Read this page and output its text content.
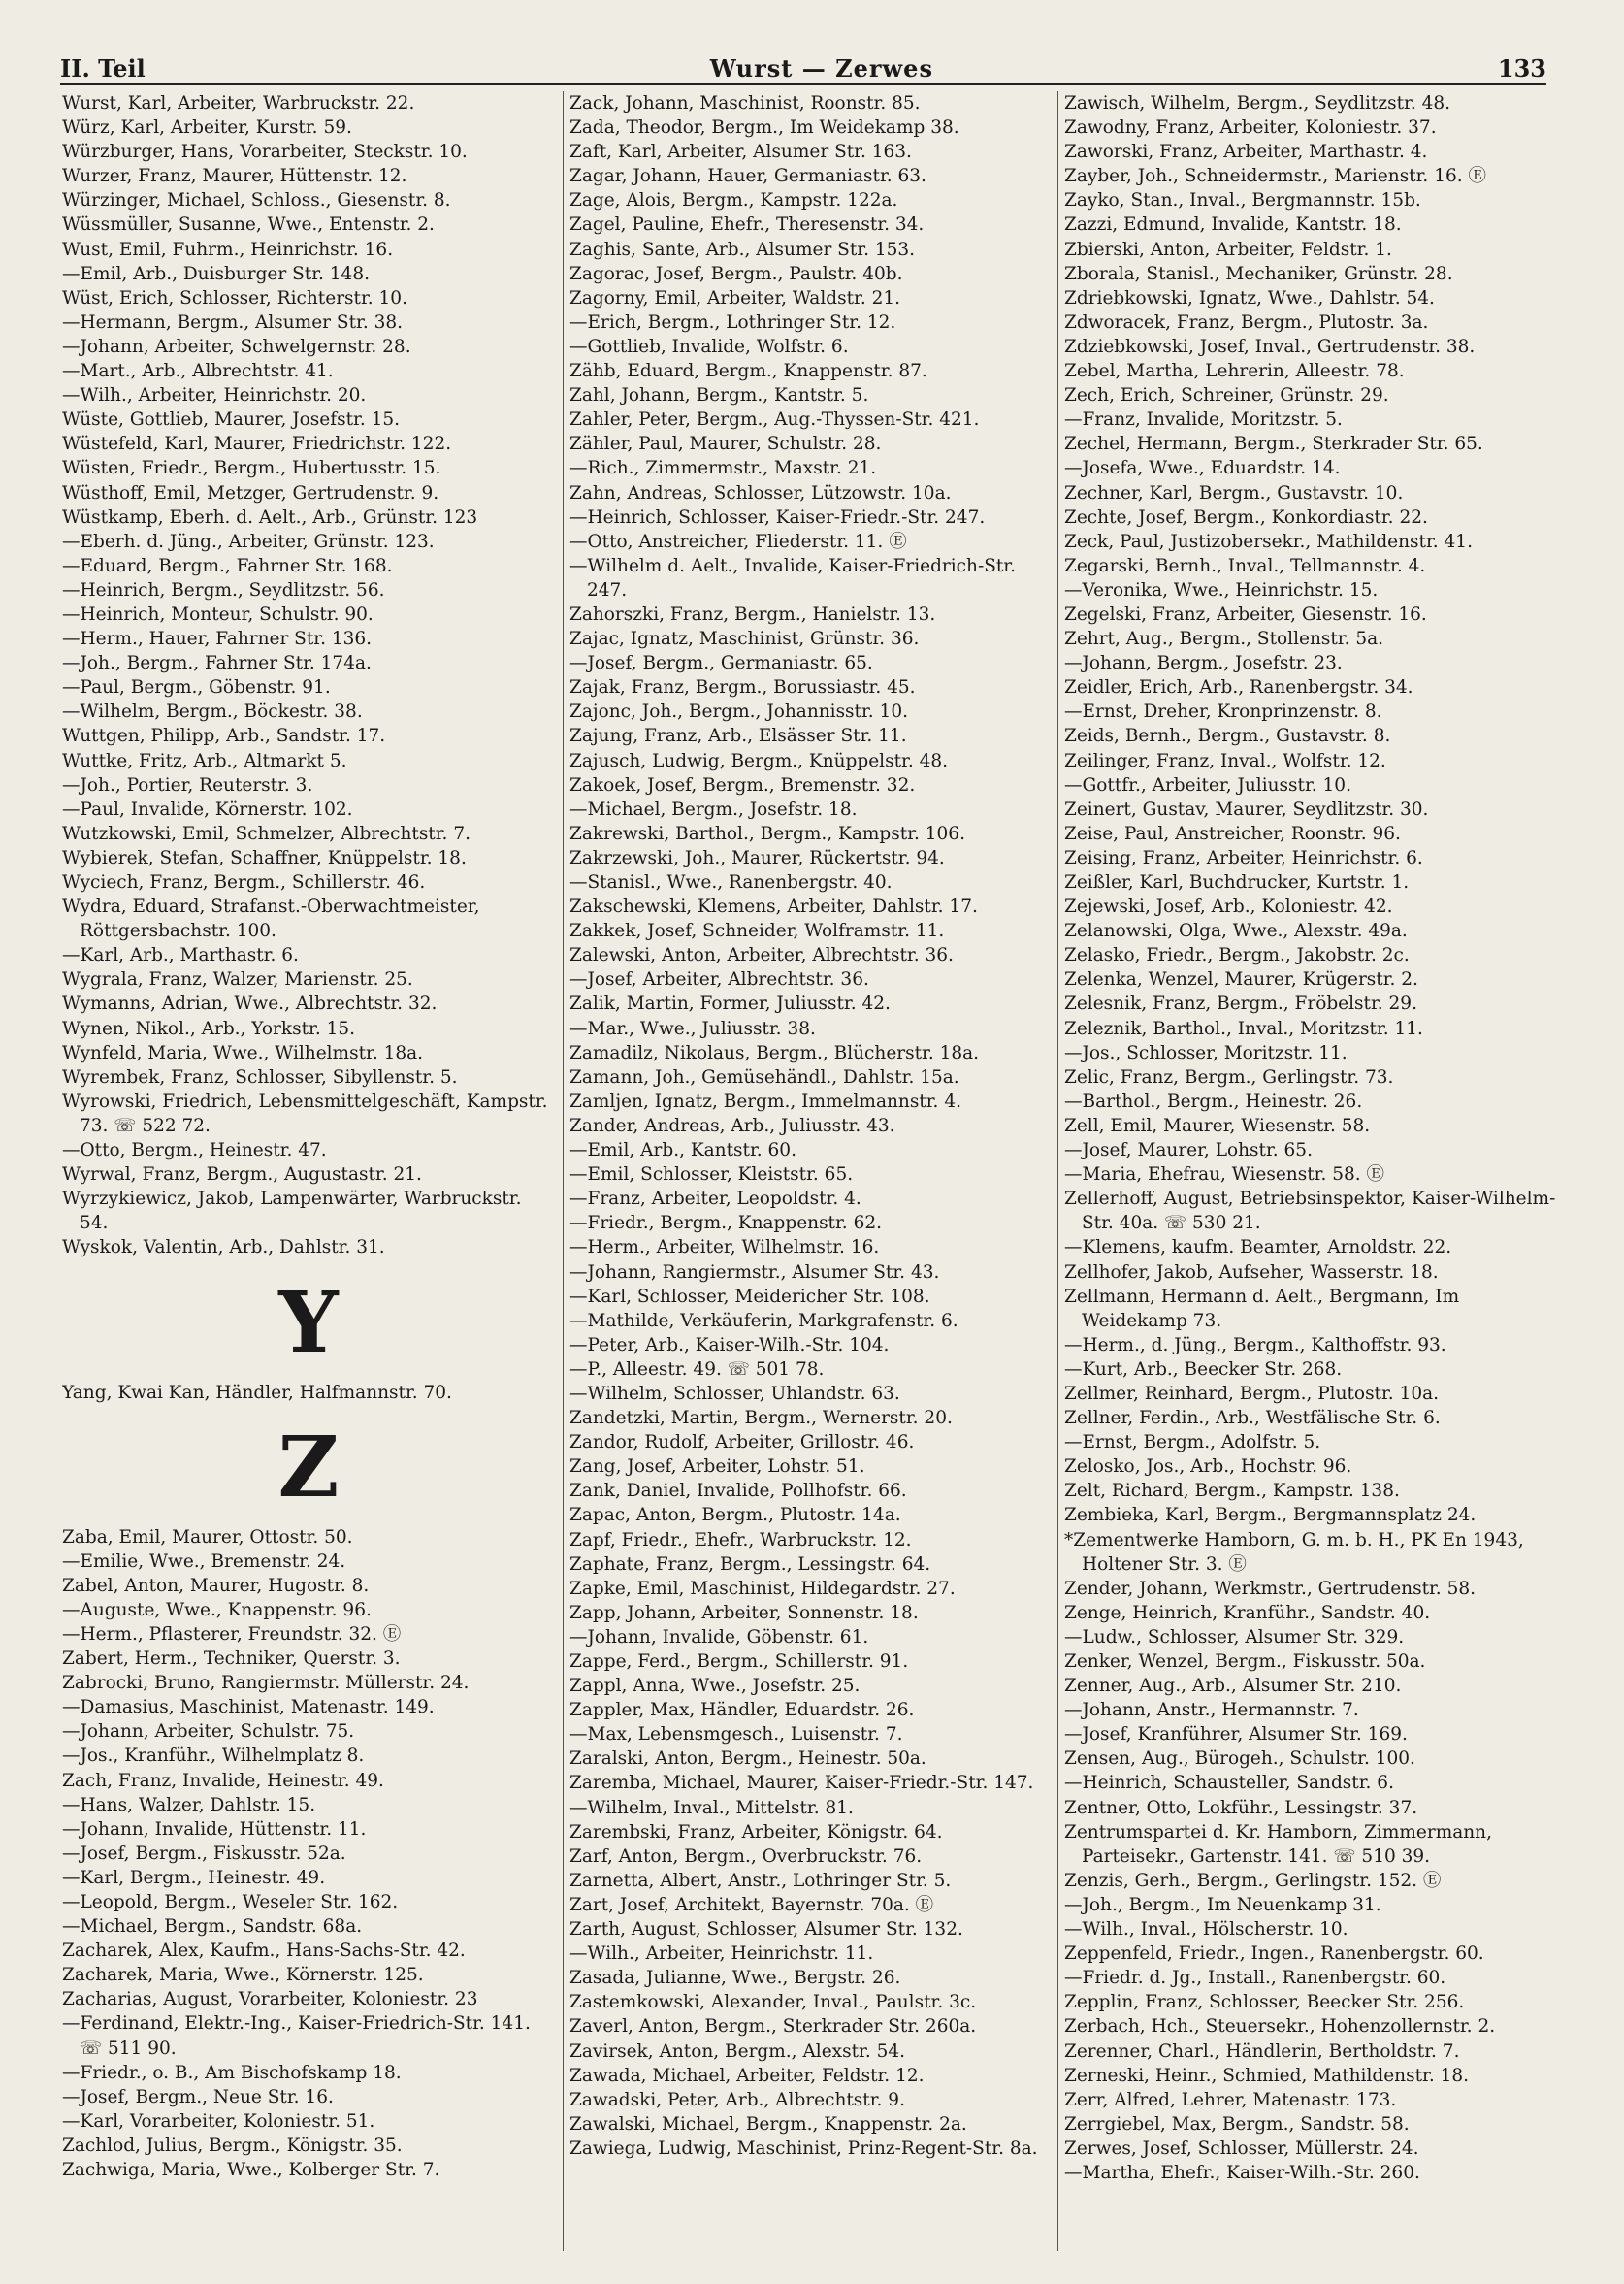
II. Teil	Wurst — Zerwes	133
Wurst, Karl, Arbeiter, Warbruckstr. 22.
Würz, Karl, Arbeiter, Kurstr. 59.
Würzburger, Hans, Vorarbeiter, Steckstr. 10.
Wurzer, Franz, Maurer, Hüttenstr. 12.
Würzinger, Michael, Schloss., Giesenstr. 8.
Wüssmüller, Susanne, Wwe., Entenstr. 2.
Wust, Emil, Fuhrm., Heinrichstr. 16.
—Emil, Arb., Duisburger Str. 148.
Wüst, Erich, Schlosser, Richterstr. 10.
—Hermann, Bergm., Alsumer Str. 38.
—Johann, Arbeiter, Schwelgernstr. 28.
—Mart., Arb., Albrechtstr. 41.
—Wilh., Arbeiter, Heinrichstr. 20.
Wüste, Gottlieb, Maurer, Josefstr. 15.
Wüstefeld, Karl, Maurer, Friedrichstr. 122.
Wüsten, Friedr., Bergm., Hubertusstr. 15.
Wüsthoff, Emil, Metzger, Gertrudenstr. 9.
Wüstkamp, Eberh. d. Aelt., Arb., Grünstr. 123
—Eberh. d. Jüng., Arbeiter, Grünstr. 123.
—Eduard, Bergm., Fahrner Str. 168.
—Heinrich, Bergm., Seydlitzstr. 56.
—Heinrich, Monteur, Schulstr. 90.
—Herm., Hauer, Fahrner Str. 136.
—Joh., Bergm., Fahrner Str. 174a.
—Paul, Bergm., Göbenstr. 91.
—Wilhelm, Bergm., Böckestr. 38.
Wuttgen, Philipp, Arb., Sandstr. 17.
Wuttke, Fritz, Arb., Altmarkt 5.
—Joh., Portier, Reuterstr. 3.
—Paul, Invalide, Körnerstr. 102.
Wutzkowski, Emil, Schmelzer, Albrechtstr. 7.
Wybierek, Stefan, Schaffner, Knüppelstr. 18.
Wyciech, Franz, Bergm., Schillerstr. 46.
Wydra, Eduard, Strafanst.-Oberwachtmeister, Röttgersbachstr. 100.
—Karl, Arb., Marthastr. 6.
Wygrala, Franz, Walzer, Marienstr. 25.
Wymanns, Adrian, Wwe., Albrechtstr. 32.
Wynen, Nikol., Arb., Yorkstr. 15.
Wynfeld, Maria, Wwe., Wilhelmstr. 18a.
Wyrembek, Franz, Schlosser, Sibyllenstr. 5.
Wyrowski, Friedrich, Lebensmittelgeschäft, Kampstr. 73. ☏ 522 72.
—Otto, Bergm., Heinestr. 47.
Wyrwal, Franz, Bergm., Augustastr. 21.
Wyrzykiewicz, Jakob, Lampenwärter, Warbruckstr. 54.
Wyskok, Valentin, Arb., Dahlstr. 31.
Y
Yang, Kwai Kan, Händler, Halfmannstr. 70.
Z
Zaba, Emil, Maurer, Ottostr. 50.
—Emilie, Wwe., Bremenstr. 24.
Zabel, Anton, Maurer, Hugostr. 8.
—Auguste, Wwe., Knappenstr. 96.
—Herm., Pflasterer, Freundstr. 32. Ⓔ
Zabert, Herm., Techniker, Querstr. 3.
Zabrocki, Bruno, Rangiermstr. Müllerstr. 24.
—Damasius, Maschinist, Matenastr. 149.
—Johann, Arbeiter, Schulstr. 75.
—Jos., Kranführ., Wilhelmplatz 8.
Zach, Franz, Invalide, Heinestr. 49.
—Hans, Walzer, Dahlstr. 15.
—Johann, Invalide, Hüttenstr. 11.
—Josef, Bergm., Fiskusstr. 52a.
—Karl, Bergm., Heinestr. 49.
—Leopold, Bergm., Weseler Str. 162.
—Michael, Bergm., Sandstr. 68a.
Zacharek, Alex, Kaufm., Hans-Sachs-Str. 42.
Zacharek, Maria, Wwe., Körnerstr. 125.
Zacharias, August, Vorarbeiter, Koloniestr. 23
—Ferdinand, Elektr.-Ing., Kaiser-Friedrich-Str. 141. ☏ 511 90.
—Friedr., o. B., Am Bischofskamp 18.
—Josef, Bergm., Neue Str. 16.
—Karl, Vorarbeiter, Koloniestr. 51.
Zachlod, Julius, Bergm., Königstr. 35.
Zachwiga, Maria, Wwe., Kolberger Str. 7.
Zack, Johann, Maschinist, Roonstr. 85.
Zada, Theodor, Bergm., Im Weidekamp 38.
Zaft, Karl, Arbeiter, Alsumer Str. 163.
Zagar, Johann, Hauer, Germaniastr. 63.
Zage, Alois, Bergm., Kampstr. 122a.
Zagel, Pauline, Ehefr., Theresenstr. 34.
Zaghis, Sante, Arb., Alsumer Str. 153.
Zagorac, Josef, Bergm., Paulstr. 40b.
Zagorny, Emil, Arbeiter, Waldstr. 21.
—Erich, Bergm., Lothringer Str. 12.
—Gottlieb, Invalide, Wolfstr. 6.
Zähb, Eduard, Bergm., Knappenstr. 87.
Zahl, Johann, Bergm., Kantstr. 5.
Zahler, Peter, Bergm., Aug.-Thyssen-Str. 421.
Zähler, Paul, Maurer, Schulstr. 28.
—Rich., Zimmermstr., Maxstr. 21.
Zahn, Andreas, Schlosser, Lützowstr. 10a.
—Heinrich, Schlosser, Kaiser-Friedr.-Str. 247.
—Otto, Anstreicher, Fliederstr. 11. Ⓔ
—Wilhelm d. Aelt., Invalide, Kaiser-Friedrich-Str. 247.
Zahorszki, Franz, Bergm., Hanielstr. 13.
Zajac, Ignatz, Maschinist, Grünstr. 36.
—Josef, Bergm., Germaniastr. 65.
Zajak, Franz, Bergm., Borussiastr. 45.
Zajonc, Joh., Bergm., Johannisstr. 10.
Zajung, Franz, Arb., Elsässer Str. 11.
Zajusch, Ludwig, Bergm., Knüppelstr. 48.
Zakoek, Josef, Bergm., Bremenstr. 32.
—Michael, Bergm., Josefstr. 18.
Zakrewski, Barthol., Bergm., Kampstr. 106.
Zakrzewski, Joh., Maurer, Rückertstr. 94.
—Stanisl., Wwe., Ranenbergstr. 40.
Zakschewski, Klemens, Arbeiter, Dahlstr. 17.
Zakkek, Josef, Schneider, Wolframstr. 11.
Zalewski, Anton, Arbeiter, Albrechtstr. 36.
—Josef, Arbeiter, Albrechtstr. 36.
Zalik, Martin, Former, Juliusstr. 42.
—Mar., Wwe., Juliusstr. 38.
Zamadilz, Nikolaus, Bergm., Blücherstr. 18a.
Zamann, Joh., Gemüsehändl., Dahlstr. 15a.
Zamljen, Ignatz, Bergm., Immelmannstr. 4.
Zander, Andreas, Arb., Juliusstr. 43.
—Emil, Arb., Kantstr. 60.
—Emil, Schlosser, Kleiststr. 65.
—Franz, Arbeiter, Leopoldstr. 4.
—Friedr., Bergm., Knappenstr. 62.
—Herm., Arbeiter, Wilhelmstr. 16.
—Johann, Rangiermstr., Alsumer Str. 43.
—Karl, Schlosser, Meidericher Str. 108.
—Mathilde, Verkäuferin, Markgrafenstr. 6.
—Peter, Arb., Kaiser-Wilh.-Str. 104.
—P., Alleestr. 49. ☏ 501 78.
—Wilhelm, Schlosser, Uhlandstr. 63.
Zandetzki, Martin, Bergm., Wernerstr. 20.
Zandor, Rudolf, Arbeiter, Grillostr. 46.
Zang, Josef, Arbeiter, Lohstr. 51.
Zank, Daniel, Invalide, Pollhofstr. 66.
Zapac, Anton, Bergm., Plutostr. 14a.
Zapf, Friedr., Ehefr., Warbruckstr. 12.
Zaphate, Franz, Bergm., Lessingstr. 64.
Zapke, Emil, Maschinist, Hildegardstr. 27.
Zapp, Johann, Arbeiter, Sonnenstr. 18.
—Johann, Invalide, Göbenstr. 61.
Zappe, Ferd., Bergm., Schillerstr. 91.
Zappl, Anna, Wwe., Josefstr. 25.
Zappler, Max, Händler, Eduardstr. 26.
—Max, Lebensmgesch., Luisenstr. 7.
Zaralski, Anton, Bergm., Heinestr. 50a.
Zaremba, Michael, Maurer, Kaiser-Friedr.-Str. 147.
—Wilhelm, Inval., Mittelstr. 81.
Zarembski, Franz, Arbeiter, Königstr. 64.
Zarf, Anton, Bergm., Overbruckstr. 76.
Zarnetta, Albert, Anstr., Lothringer Str. 5.
Zart, Josef, Architekt, Bayernstr. 70a. Ⓔ
Zarth, August, Schlosser, Alsumer Str. 132.
—Wilh., Arbeiter, Heinrichstr. 11.
Zasada, Julianne, Wwe., Bergstr. 26.
Zastemkowski, Alexander, Inval., Paulstr. 3c.
Zaverl, Anton, Bergm., Sterkrader Str. 260a.
Zavirsek, Anton, Bergm., Alexstr. 54.
Zawada, Michael, Arbeiter, Feldstr. 12.
Zawadski, Peter, Arb., Albrechtstr. 9.
Zawalski, Michael, Bergm., Knappenstr. 2a.
Zawiega, Ludwig, Maschinist, Prinz-Regent-Str. 8a.
Zawisch, Wilhelm, Bergm., Seydlitzstr. 48.
Zawodny, Franz, Arbeiter, Koloniestr. 37.
Zaworski, Franz, Arbeiter, Marthastr. 4.
Zayber, Joh., Schneidermstr., Marienstr. 16. Ⓔ
Zayko, Stan., Inval., Bergmannstr. 15b.
Zazzi, Edmund, Invalide, Kantstr. 18.
Zbierski, Anton, Arbeiter, Feldstr. 1.
Zborala, Stanisl., Mechaniker, Grünstr. 28.
Zdriebkowski, Ignatz, Wwe., Dahlstr. 54.
Zdworacek, Franz, Bergm., Plutostr. 3a.
Zdziebkowski, Josef, Inval., Gertrudenstr. 38.
Zebel, Martha, Lehrerin, Alleestr. 78.
Zech, Erich, Schreiner, Grünstr. 29.
—Franz, Invalide, Moritzstr. 5.
Zechel, Hermann, Bergm., Sterkrader Str. 65.
—Josefa, Wwe., Eduardstr. 14.
Zechner, Karl, Bergm., Gustavstr. 10.
Zechte, Josef, Bergm., Konkordiastr. 22.
Zeck, Paul, Justizobersekr., Mathildenstr. 41.
Zegarski, Bernh., Inval., Tellmannstr. 4.
—Veronika, Wwe., Heinrichstr. 15.
Zegelski, Franz, Arbeiter, Giesenstr. 16.
Zehrt, Aug., Bergm., Stollenstr. 5a.
—Johann, Bergm., Josefstr. 23.
Zeidler, Erich, Arb., Ranenbergstr. 34.
—Ernst, Dreher, Kronprinzenstr. 8.
Zeids, Bernh., Bergm., Gustavstr. 8.
Zeilinger, Franz, Inval., Wolfstr. 12.
—Gottfr., Arbeiter, Juliusstr. 10.
Zeinert, Gustav, Maurer, Seydlitzstr. 30.
Zeise, Paul, Anstreicher, Roonstr. 96.
Zeising, Franz, Arbeiter, Heinrichstr. 6.
Zeißler, Karl, Buchdrucker, Kurtstr. 1.
Zejewski, Josef, Arb., Koloniestr. 42.
Zelanowski, Olga, Wwe., Alexstr. 49a.
Zelasko, Friedr., Bergm., Jakobstr. 2c.
Zelenka, Wenzel, Maurer, Krügerstr. 2.
Zelesnik, Franz, Bergm., Fröbelstr. 29.
Zeleznik, Barthol., Inval., Moritzstr. 11.
—Jos., Schlosser, Moritzstr. 11.
Zelic, Franz, Bergm., Gerlingstr. 73.
—Barthol., Bergm., Heinestr. 26.
Zell, Emil, Maurer, Wiesenstr. 58.
—Josef, Maurer, Lohstr. 65.
—Maria, Ehefrau, Wiesenstr. 58. Ⓔ
Zellerhoff, August, Betriebsinspektor, Kaiser-Wilhelm-Str. 40a. ☏ 530 21.
—Klemens, kaufm. Beamter, Arnoldstr. 22.
Zellhofer, Jakob, Aufseher, Wasserstr. 18.
Zellmann, Hermann d. Aelt., Bergmann, Im Weidekamp 73.
—Herm., d. Jüng., Bergm., Kalthoffstr. 93.
—Kurt, Arb., Beecker Str. 268.
Zellmer, Reinhard, Bergm., Plutostr. 10a.
Zellner, Ferdin., Arb., Westfälische Str. 6.
—Ernst, Bergm., Adolfstr. 5.
Zelosko, Jos., Arb., Hochstr. 96.
Zelt, Richard, Bergm., Kampstr. 138.
Zembieka, Karl, Bergm., Bergmannsplatz 24.
*Zementwerke Hamborn, G. m. b. H., PK En 1943, Holtener Str. 3. Ⓔ
Zender, Johann, Werkmstr., Gertrudenstr. 58.
Zenge, Heinrich, Kranführ., Sandstr. 40.
—Ludw., Schlosser, Alsumer Str. 329.
Zenker, Wenzel, Bergm., Fiskusstr. 50a.
Zenner, Aug., Arb., Alsumer Str. 210.
—Johann, Anstr., Hermannstr. 7.
—Josef, Kranführer, Alsumer Str. 169.
Zensen, Aug., Bürogeh., Schulstr. 100.
—Heinrich, Schausteller, Sandstr. 6.
Zentner, Otto, Lokführ., Lessingstr. 37.
Zentrumspartei d. Kr. Hamborn, Zimmermann, Parteisekr., Gartenstr. 141. ☏ 510 39.
Zenzis, Gerh., Bergm., Gerlingstr. 152. Ⓔ
—Joh., Bergm., Im Neuenkamp 31.
—Wilh., Inval., Hölscherstr. 10.
Zeppenfeld, Friedr., Ingen., Ranenbergstr. 60.
—Friedr. d. Jg., Install., Ranenbergstr. 60.
Zepplin, Franz, Schlosser, Beecker Str. 256.
Zerbach, Hch., Steuersekr., Hohenzollernstr. 2.
Zerenner, Charl., Händlerin, Bertholdstr. 7.
Zerneski, Heinr., Schmied, Mathildenstr. 18.
Zerr, Alfred, Lehrer, Matenastr. 173.
Zerrgiebel, Max, Bergm., Sandstr. 58.
Zerwes, Josef, Schlosser, Müllerstr. 24.
—Martha, Ehefr., Kaiser-Wilh.-Str. 260.
